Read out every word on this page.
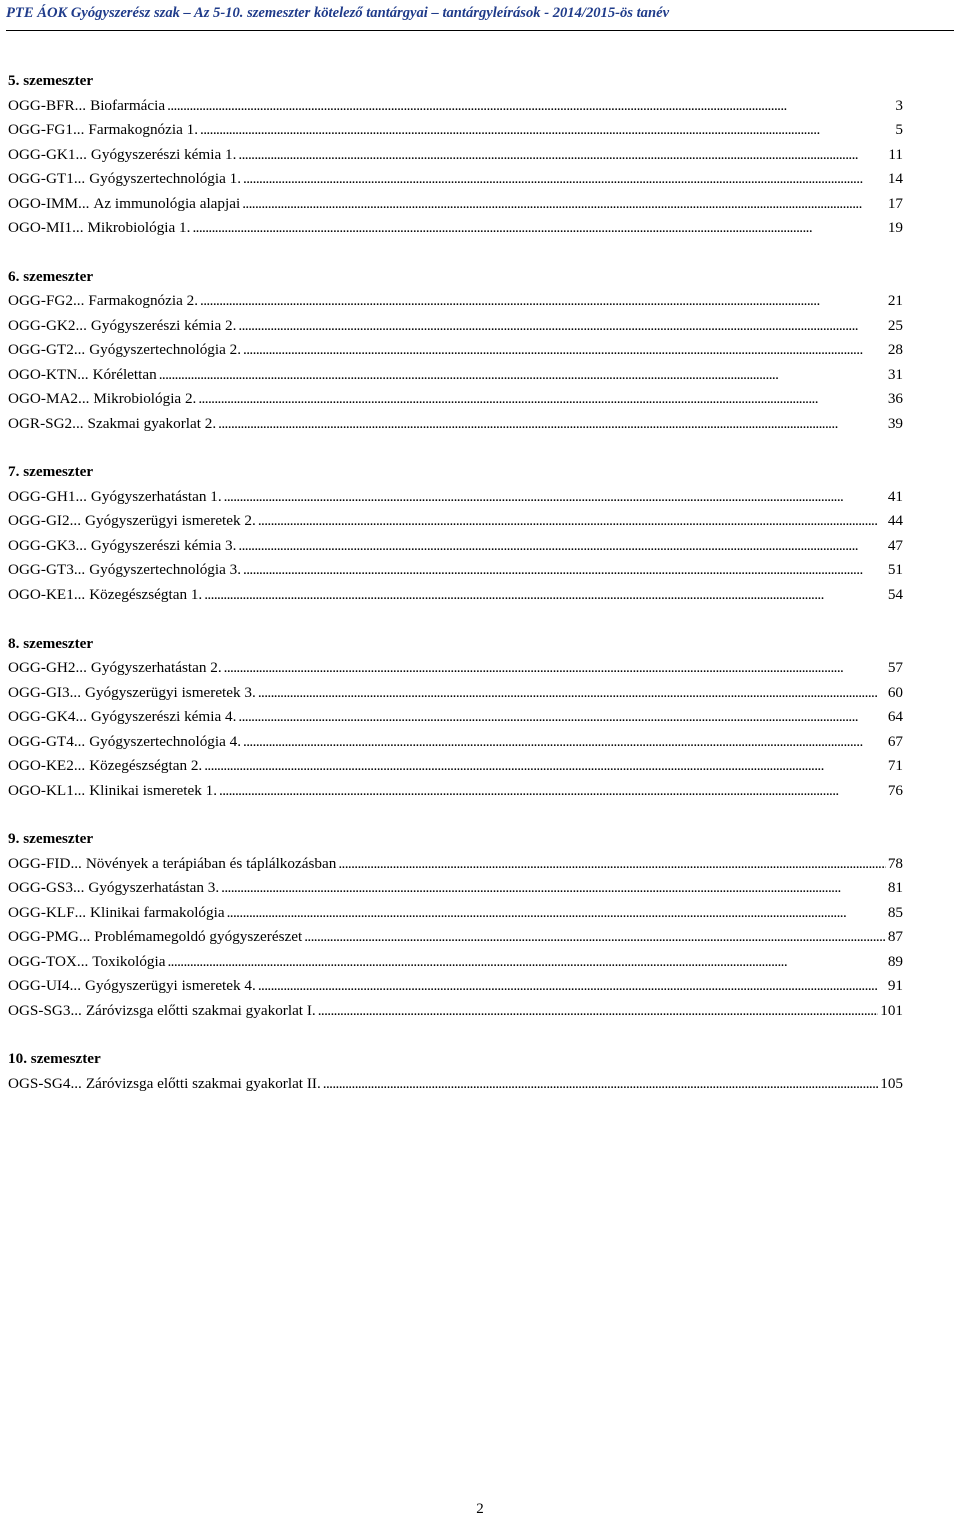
PTE ÁOK Gyógyszerész szak – Az 5-10. szemeszter kötelező tantárgyai – tantárgyleírások - 2014/2015-ös tanév
5. szemeszter
OGG-BFR ... Biofarmácia . . .	3
OGG-FG1 ... Farmakognózia 1. . . .	5
OGG-GK1 ... Gyógyszerészi kémia 1. . . .	11
OGG-GT1 ... Gyógyszertechnológia 1. . . .	14
OGO-IMM ... Az immunológia alapjai . . .	17
OGO-MI1 ... Mikrobiológia 1. . . .	19
6. szemeszter
OGG-FG2 ... Farmakognózia 2. . . .	21
OGG-GK2 ... Gyógyszerészi kémia 2. . . .	25
OGG-GT2 ... Gyógyszertechnológia 2. . . .	28
OGO-KTN ... Kórélettan . . .	31
OGO-MA2 ... Mikrobiológia 2. . . .	36
OGR-SG2 ... Szakmai gyakorlat 2. . . .	39
7. szemeszter
OGG-GH1 ... Gyógyszerhatástan 1. . . .	41
OGG-GI2 ... Gyógyszerügyi ismeretek 2. . . .	44
OGG-GK3 ... Gyógyszerészi kémia 3. . . .	47
OGG-GT3 ... Gyógyszertechnológia 3. . . .	51
OGO-KE1 ... Közegészségtan 1. . . .	54
8. szemeszter
OGG-GH2 ... Gyógyszerhatástan 2. . . .	57
OGG-GI3 ... Gyógyszerügyi ismeretek 3. . . .	60
OGG-GK4 ... Gyógyszerészi kémia 4. . . .	64
OGG-GT4 ... Gyógyszertechnológia 4. . . .	67
OGO-KE2 ... Közegészségtan 2. . . .	71
OGO-KL1 ... Klinikai ismeretek 1. . . .	76
9. szemeszter
OGG-FID ... Növények a terápiában és táplálkozásban . . .	78
OGG-GS3 ... Gyógyszerhatástan 3. . . .	81
OGG-KLF ... Klinikai farmakológia . . .	85
OGG-PMG ... Problémamegoldó gyógyszerészet . . .	87
OGG-TOX ... Toxikológia . . .	89
OGG-UI4 ... Gyógyszerügyi ismeretek 4. . . .	91
OGS-SG3 ... Záróvizsga előtti szakmai gyakorlat I. . . .	101
10. szemeszter
OGS-SG4 ... Záróvizsga előtti szakmai gyakorlat II. . . .	105
2
